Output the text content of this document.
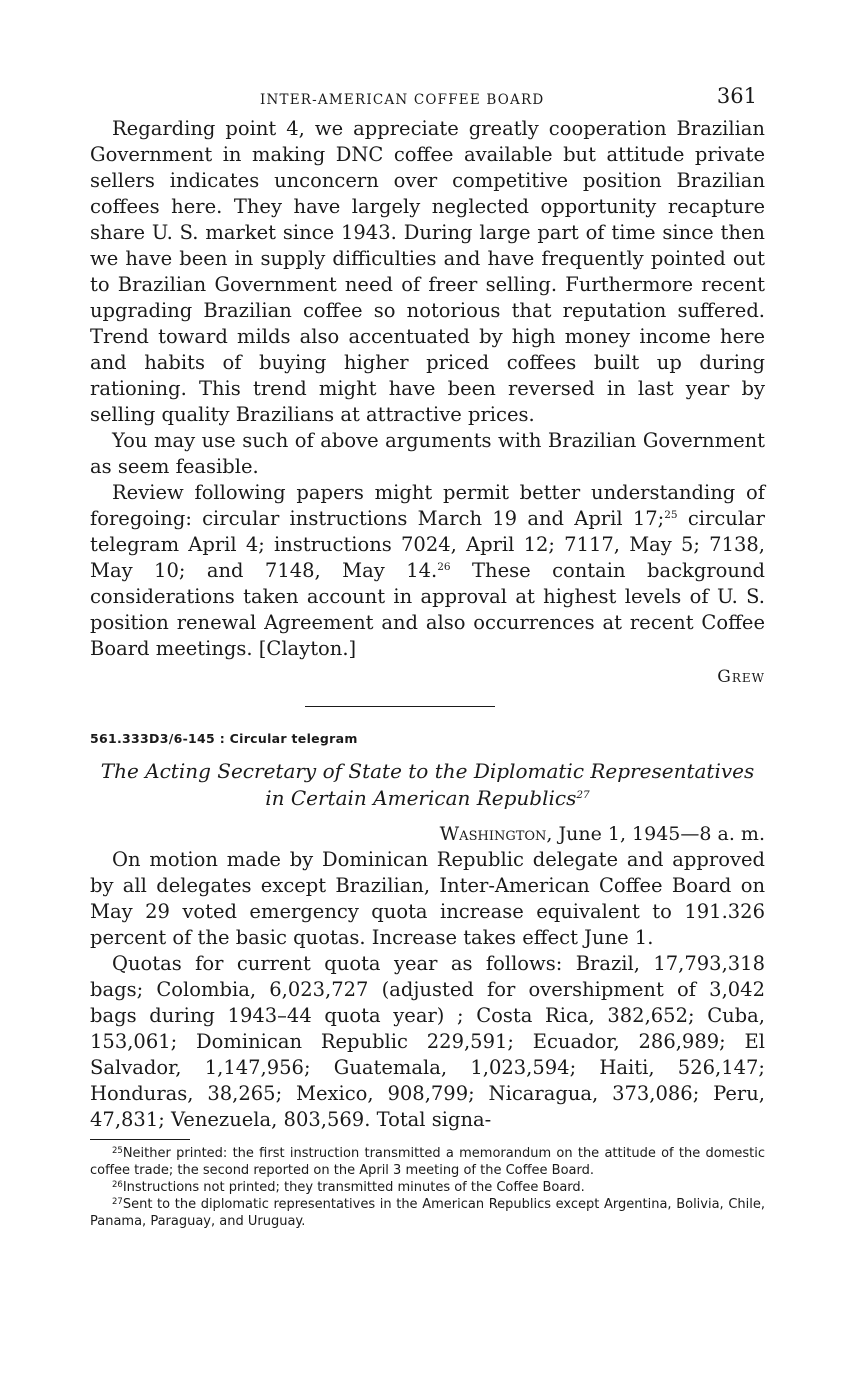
INTER-AMERICAN COFFEE BOARD	361

Regarding point 4, we appreciate greatly cooperation Brazilian Government in making DNC coffee available but attitude private sellers indicates unconcern over competitive position Brazilian coffees here. They have largely neglected opportunity recapture share U. S. market since 1943. During large part of time since then we have been in supply difficulties and have frequently pointed out to Brazilian Government need of freer selling. Furthermore recent upgrading Brazilian coffee so notorious that reputation suffered. Trend toward milds also accentuated by high money income here and habits of buying higher priced coffees built up during rationing. This trend might have been reversed in last year by selling quality Brazilians at attractive prices.

You may use such of above arguments with Brazilian Government as seem feasible.

Review following papers might permit better understanding of foregoing: circular instructions March 19 and April 17;$^{25}$ circular telegram April 4; instructions 7024, April 12; 7117, May 5; 7138, May 10; and 7148, May 14.26 These contain background considerations taken account in approval at highest levels of U. S. position renewal Agreement and also occurrences at recent Coffee Board meetings. [Clayton.]

Grew
561.333D3/6-145 : Circular telegram
The Acting Secretary of State to the Diplomatic Representatives in Certain American Republics$^{27}$
Washington, June 1, 1945—8 a. m.

On motion made by Dominican Republic delegate and approved by all delegates except Brazilian, Inter-American Coffee Board on May 29 voted emergency quota increase equivalent to 191.326 percent of the basic quotas. Increase takes effect June 1.

Quotas for current quota year as follows: Brazil, 17,793,318 bags; Colombia, 6,023,727 (adjusted for overshipment of 3,042 bags during 1943–44 quota year) ; Costa Rica, 382,652; Cuba, 153,061; Dominican Republic 229,591; Ecuador, 286,989; El Salvador, 1,147,956; Guatemala, 1,023,594; Haiti, 526,147; Honduras, 38,265; Mexico, 908,799; Nicaragua, 373,086; Peru, 47,831; Venezuela, 803,569. Total signa-

$^{25}$Neither printed: the first instruction transmitted a memorandum on the attitude of the domestic coffee trade; the second reported on the April 3 meeting of the Coffee Board.

$^{26}$Instructions not printed; they transmitted minutes of the Coffee Board.

$^{27}$Sent to the diplomatic representatives in the American Republics except Argentina, Bolivia, Chile, Panama, Paraguay, and Uruguay.
